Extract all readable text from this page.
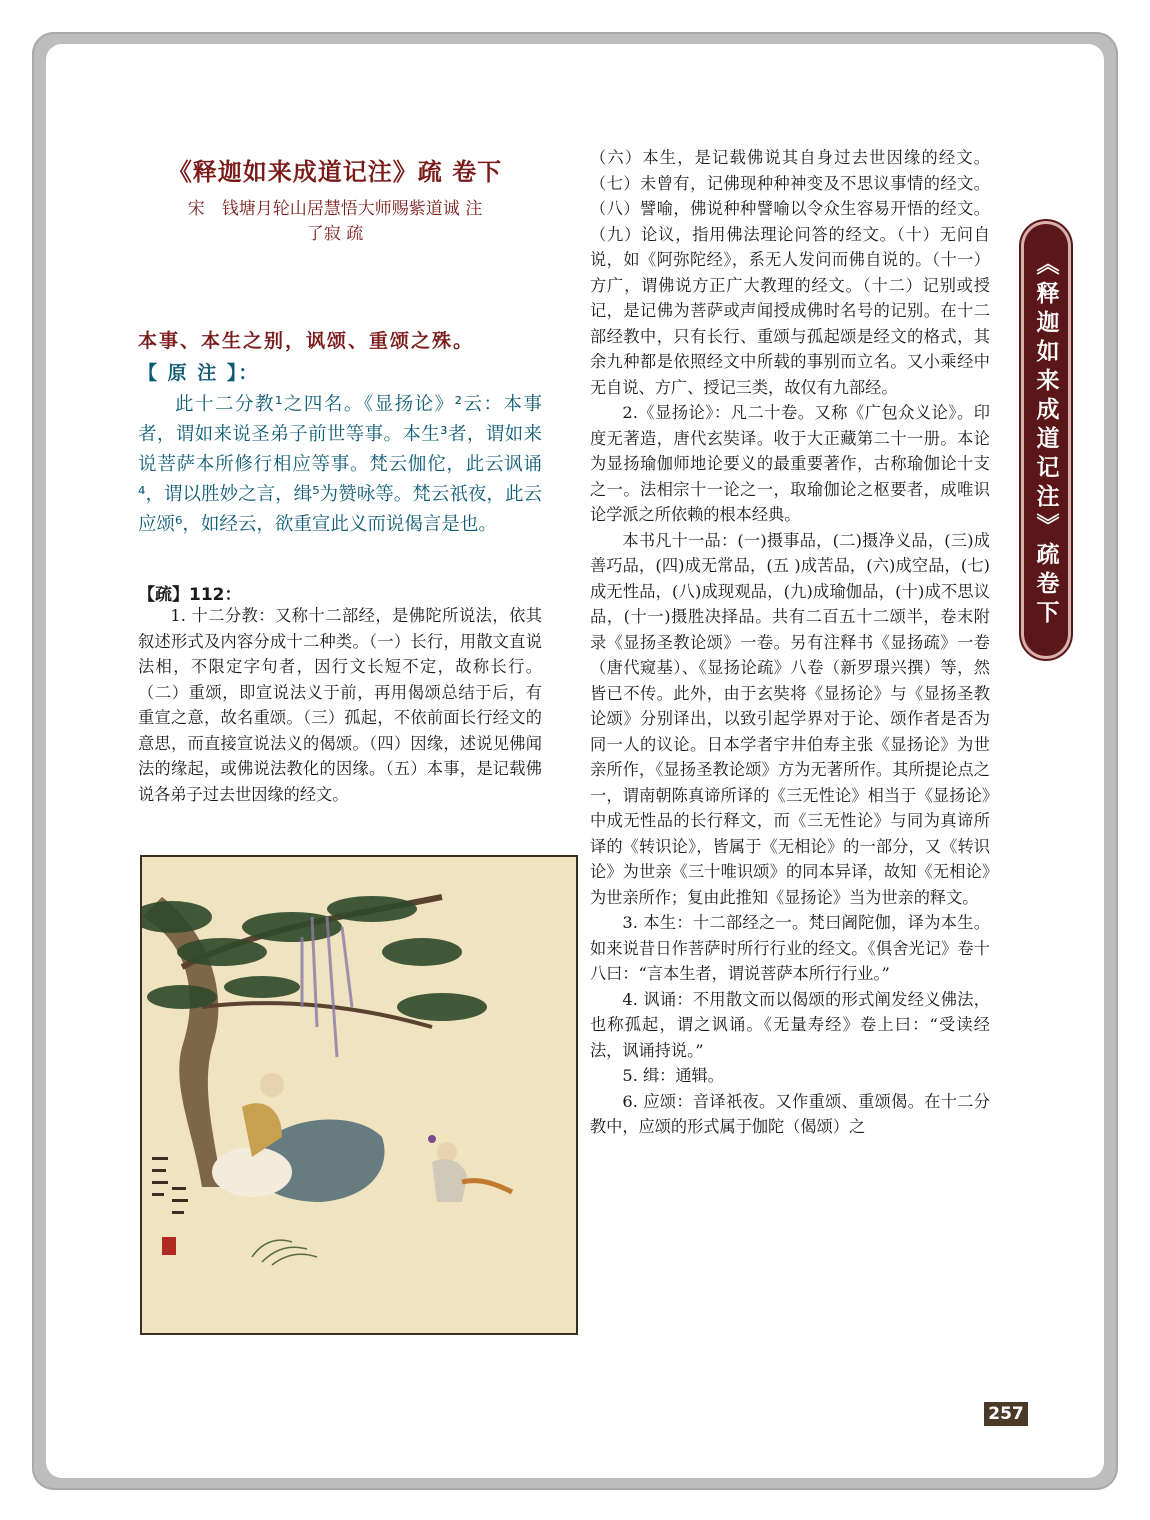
《释迦如来成道记注》疏 卷下
宋　钱塘月轮山居慧悟大师赐紫道诚 注
了寂 疏
本事、本生之别，讽颂、重颂之殊。
【 原 注 】：

此十二分教¹之四名。《显扬论》²云：本事者，谓如来说圣弟子前世等事。本生³者，谓如来说菩萨本所修行相应等事。梵云伽佗，此云讽诵⁴，谓以胜妙之言，缉⁵为赞咏等。梵云祇夜，此云应颂⁶，如经云，欲重宣此义而说偈言是也。

【疏】112：

1. 十二分教：又称十二部经，是佛陀所说法，依其叙述形式及内容分成十二种类。（一）长行，用散文直说法相，不限定字句者，因行文长短不定，故称长行。（二）重颂，即宣说法义于前，再用偈颂总结于后，有重宣之意，故名重颂。（三）孤起，不依前面长行经文的意思，而直接宣说法义的偈颂。（四）因缘，述说见佛闻法的缘起，或佛说法教化的因缘。（五）本事，是记载佛说各弟子过去世因缘的经文。

（六）本生，是记载佛说其自身过去世因缘的经文。（七）未曾有，记佛现种种神变及不思议事情的经文。（八）譬喻，佛说种种譬喻以令众生容易开悟的经文。（九）论议，指用佛法理论问答的经文。（十）无问自说，如《阿弥陀经》，系无人发问而佛自说的。（十一）方广，谓佛说方正广大教理的经文。（十二）记别或授记，是记佛为菩萨或声闻授成佛时名号的记别。在十二部经教中，只有长行、重颂与孤起颂是经文的格式，其余九种都是依照经文中所载的事别而立名。又小乘经中无自说、方广、授记三类，故仅有九部经。

2.《显扬论》：凡二十卷。又称《广包众义论》。印度无著造，唐代玄奘译。收于大正藏第二十一册。本论为显扬瑜伽师地论要义的最重要著作，古称瑜伽论十支之一。法相宗十一论之一，取瑜伽论之枢要者，成唯识论学派之所依赖的根本经典。

本书凡十一品：(一)摄事品，(二)摄净义品，(三)成善巧品，(四)成无常品，(五 )成苦品，(六)成空品，(七)成无性品，(八)成现观品，(九)成瑜伽品，(十)成不思议品，(十一)摄胜决择品。共有二百五十二颂半，卷末附录《显扬圣教论颂》一卷。另有注释书《显扬疏》一卷（唐代窥基）、《显扬论疏》八卷（新罗璟兴撰）等，然皆已不传。此外，由于玄奘将《显扬论》与《显扬圣教论颂》分别译出，以致引起学界对于论、颂作者是否为同一人的议论。日本学者宇井伯寿主张《显扬论》为世亲所作，《显扬圣教论颂》方为无著所作。其所提论点之一，谓南朝陈真谛所译的《三无性论》相当于《显扬论》中成无性品的长行释文，而《三无性论》与同为真谛所译的《转识论》，皆属于《无相论》的一部分，又《转识论》为世亲《三十唯识颂》的同本异译，故知《无相论》为世亲所作；复由此推知《显扬论》当为世亲的释文。

3. 本生：十二部经之一。梵曰阇陀伽，译为本生。如来说昔日作菩萨时所行行业的经文。《俱舍光记》卷十八曰：“言本生者，谓说菩萨本所行行业。”

4. 讽诵：不用散文而以偈颂的形式阐发经义佛法，也称孤起，谓之讽诵。《无量寿经》卷上曰：“受读经法，讽诵持说。”

5. 缉：通辑。

6. 应颂：音译祇夜。又作重颂、重颂偈。在十二分教中，应颂的形式属于伽陀（偈颂）之

《释迦如来成道记注》疏卷下
257
